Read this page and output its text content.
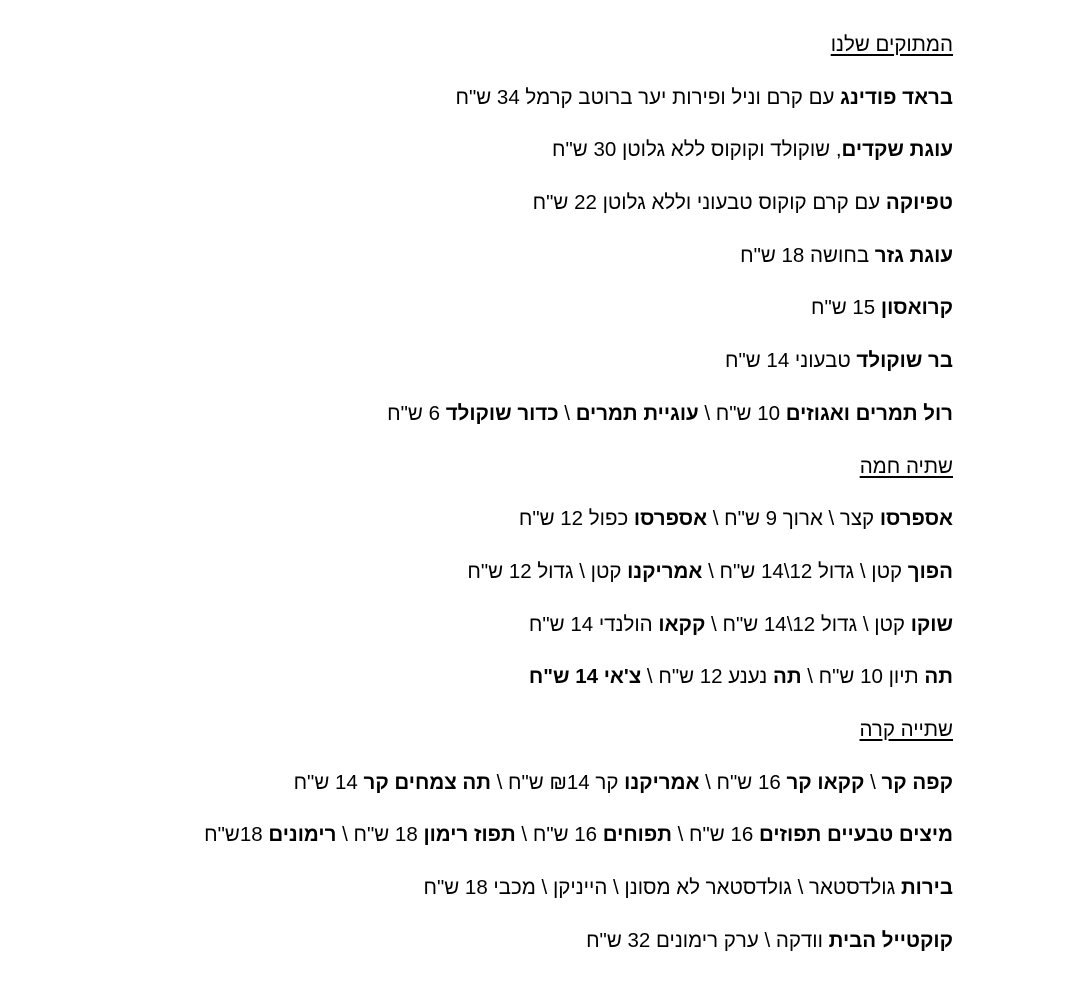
המתוקים שלנו
בראד פודינג עם קרם וניל ופירות יער ברוטב קרמל 34 ש"ח
עוגת שקדים, שוקולד וקוקוס ללא גלוטן 30 ש"ח
טפיוקה עם קרם קוקוס טבעוני וללא גלוטן 22 ש"ח
עוגת גזר בחושה 18 ש"ח
קרואסון 15 ש"ח
בר שוקולד טבעוני 14 ש"ח
רול תמרים ואגוזים 10 ש"ח \ עוגיית תמרים \ כדור שוקולד 6 ש"ח
שתיה חמה
אספרסו קצר \ ארוך 9 ש"ח \ אספרסו כפול 12 ש"ח
הפוך קטן \ גדול 12\14 ש"ח \ אמריקנו קטן \ גדול 12 ש"ח
שוקו קטן \ גדול 12\14 ש"ח \ קקאו הולנדי 14 ש"ח
תה תיון 10 ש"ח \ תה נענע 12 ש"ח \ צ'אי 14 ש"ח
שתייה קרה
קפה קר \ קקאו קר 16 ש"ח \ אמריקנו קר ₪14 ש"ח \ תה צמחים קר 14 ש"ח
מיצים טבעיים תפוזים 16 ש"ח \ תפוחים 16 ש"ח \ תפוז רימון 18 ש"ח \ רימונים 18ש"ח
בירות גולדסטאר \ גולדסטאר לא מסונן \ הייניקן \ מכבי 18 ש"ח
קוקטייל הבית וודקה \ ערק רימונים 32 ש"ח
